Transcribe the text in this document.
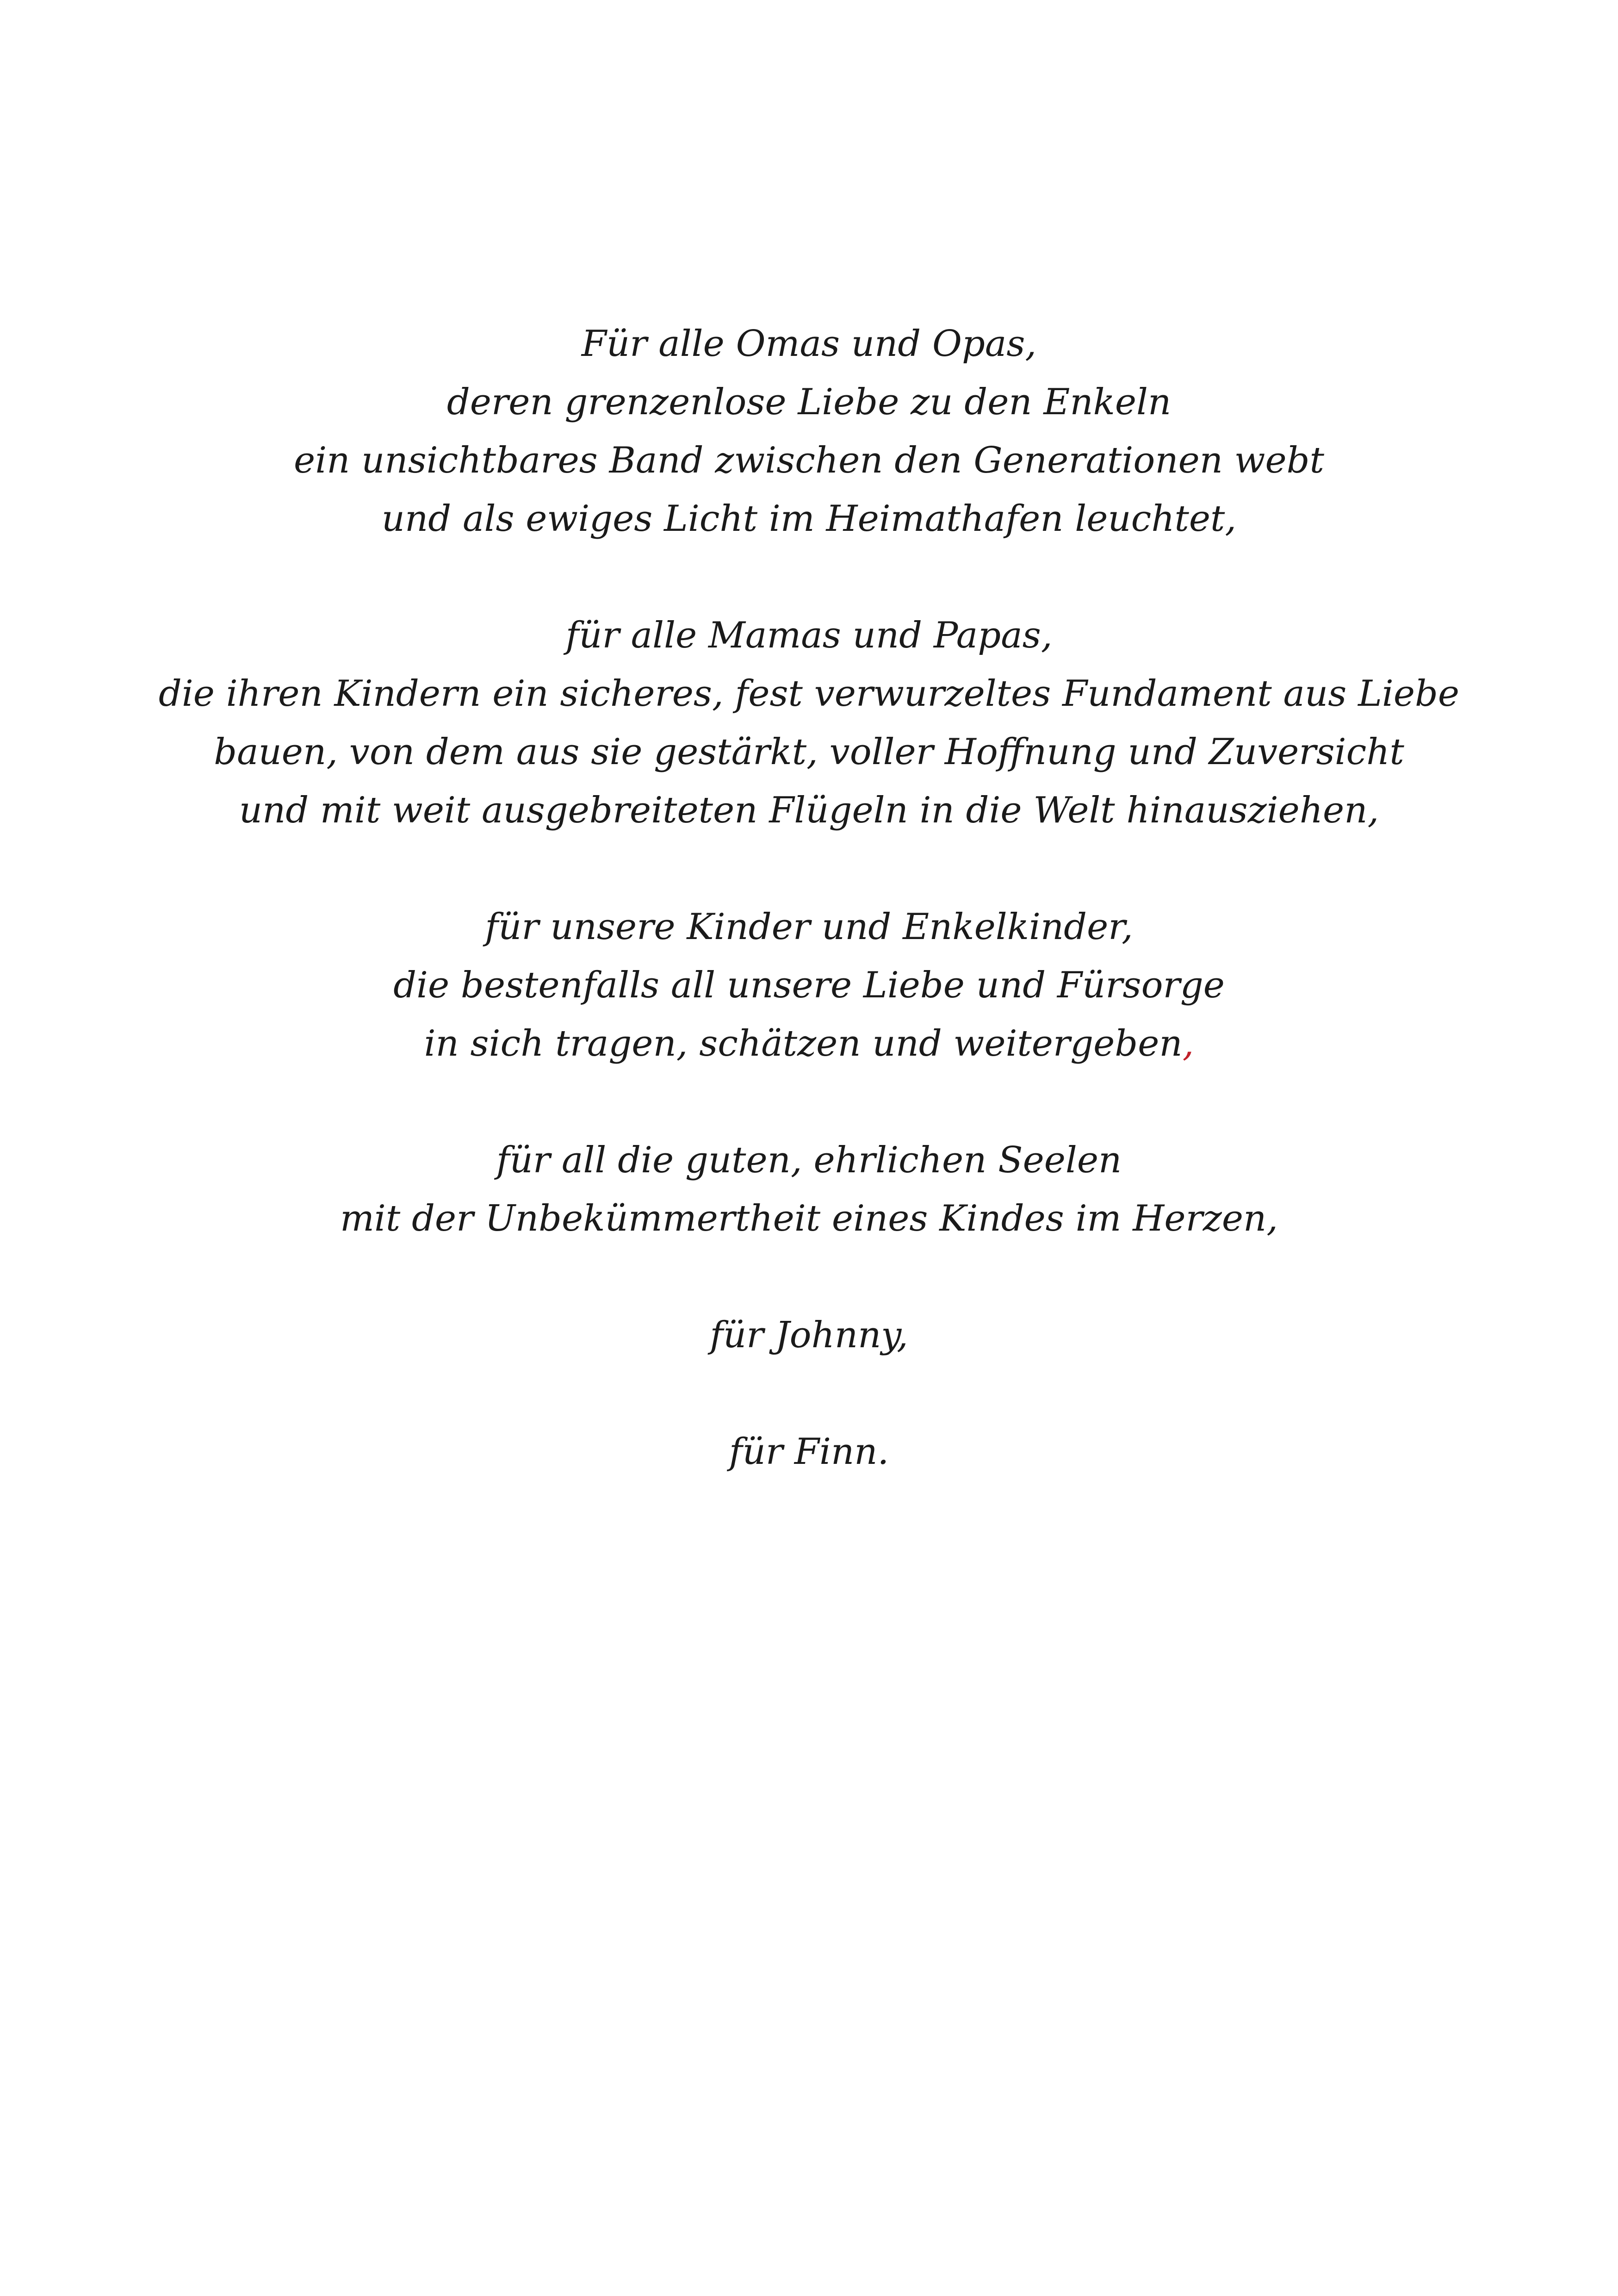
Für alle Omas und Opas,
deren grenzenlose Liebe zu den Enkeln
ein unsichtbares Band zwischen den Generationen webt
und als ewiges Licht im Heimathafen leuchtet,

für alle Mamas und Papas,
die ihren Kindern ein sicheres, fest verwurzeltes Fundament aus Liebe
bauen, von dem aus sie gestärkt, voller Hoffnung und Zuversicht
und mit weit ausgebreiteten Flügeln in die Welt hinausziehen,

für unsere Kinder und Enkelkinder,
die bestenfalls all unsere Liebe und Fürsorge
in sich tragen, schätzen und weitergeben,

für all die guten, ehrlichen Seelen
mit der Unbekümmertheit eines Kindes im Herzen,

für Johnny,

für Finn.
